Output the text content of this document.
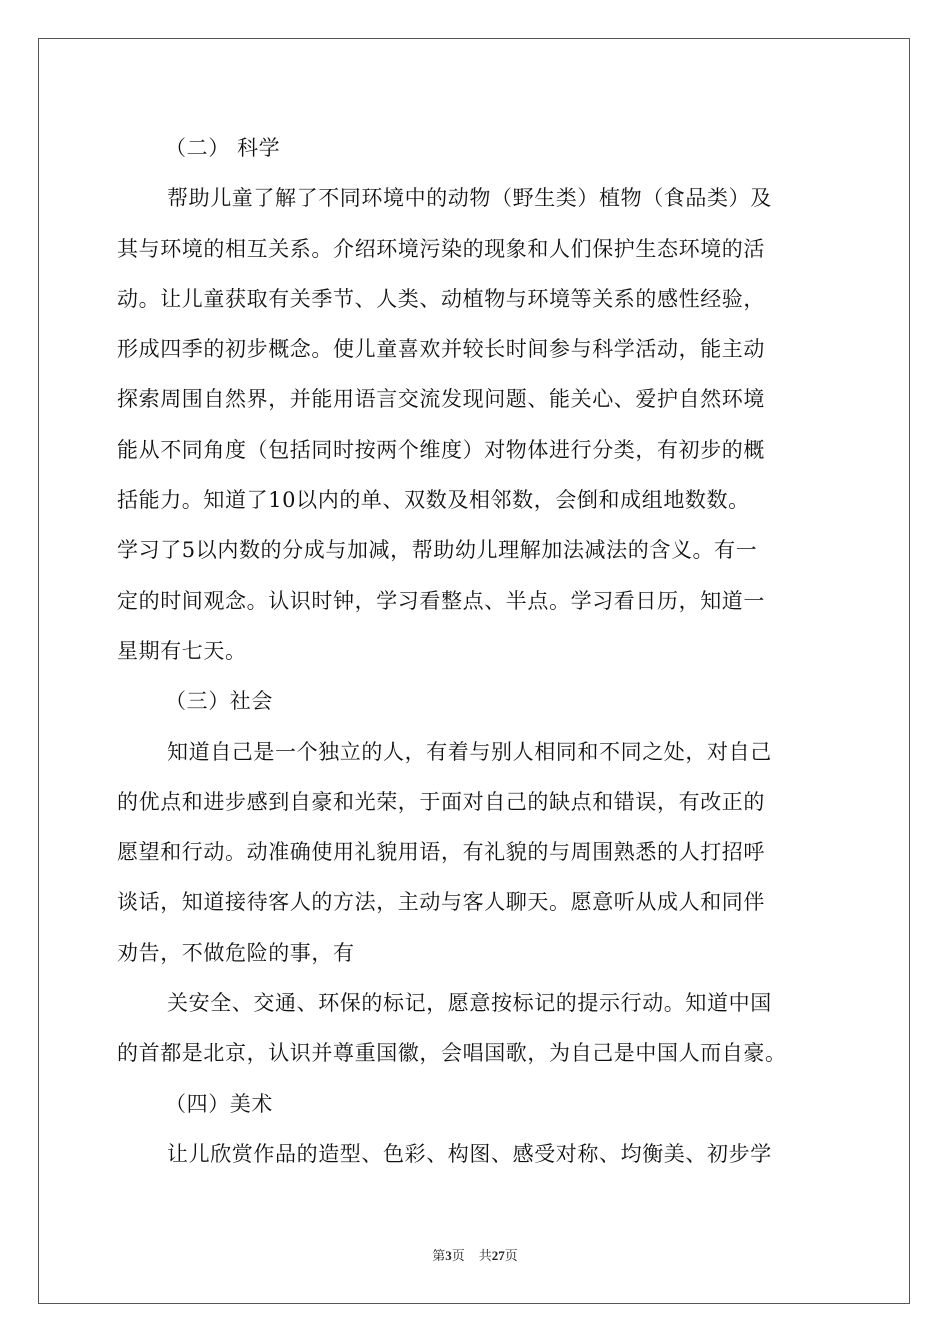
（二） 科学
帮助儿童了解了不同环境中的动物（野生类）植物（食品类）及
其与环境的相互关系。介绍环境污染的现象和人们保护生态环境的活
动。让儿童获取有关季节、人类、动植物与环境等关系的感性经验，
形成四季的初步概念。使儿童喜欢并较长时间参与科学活动，能主动
探索周围自然界，并能用语言交流发现问题、能关心、爱护自然环境
能从不同角度（包括同时按两个维度）对物体进行分类，有初步的概
括能力。知道了10以内的单、双数及相邻数，会倒和成组地数数。
学习了5以内数的分成与加减，帮助幼儿理解加法减法的含义。有一
定的时间观念。认识时钟，学习看整点、半点。学习看日历，知道一
星期有七天。
（三）社会
知道自己是一个独立的人，有着与别人相同和不同之处，对自己
的优点和进步感到自豪和光荣，于面对自己的缺点和错误，有改正的
愿望和行动。动准确使用礼貌用语，有礼貌的与周围熟悉的人打招呼
谈话，知道接待客人的方法，主动与客人聊天。愿意听从成人和同伴
劝告，不做危险的事，有
关安全、交通、环保的标记，愿意按标记的提示行动。知道中国
的首都是北京，认识并尊重国徽，会唱国歌，为自己是中国人而自豪。
（四）美术
让儿欣赏作品的造型、色彩、构图、感受对称、均衡美、初步学
第3页 共27页
